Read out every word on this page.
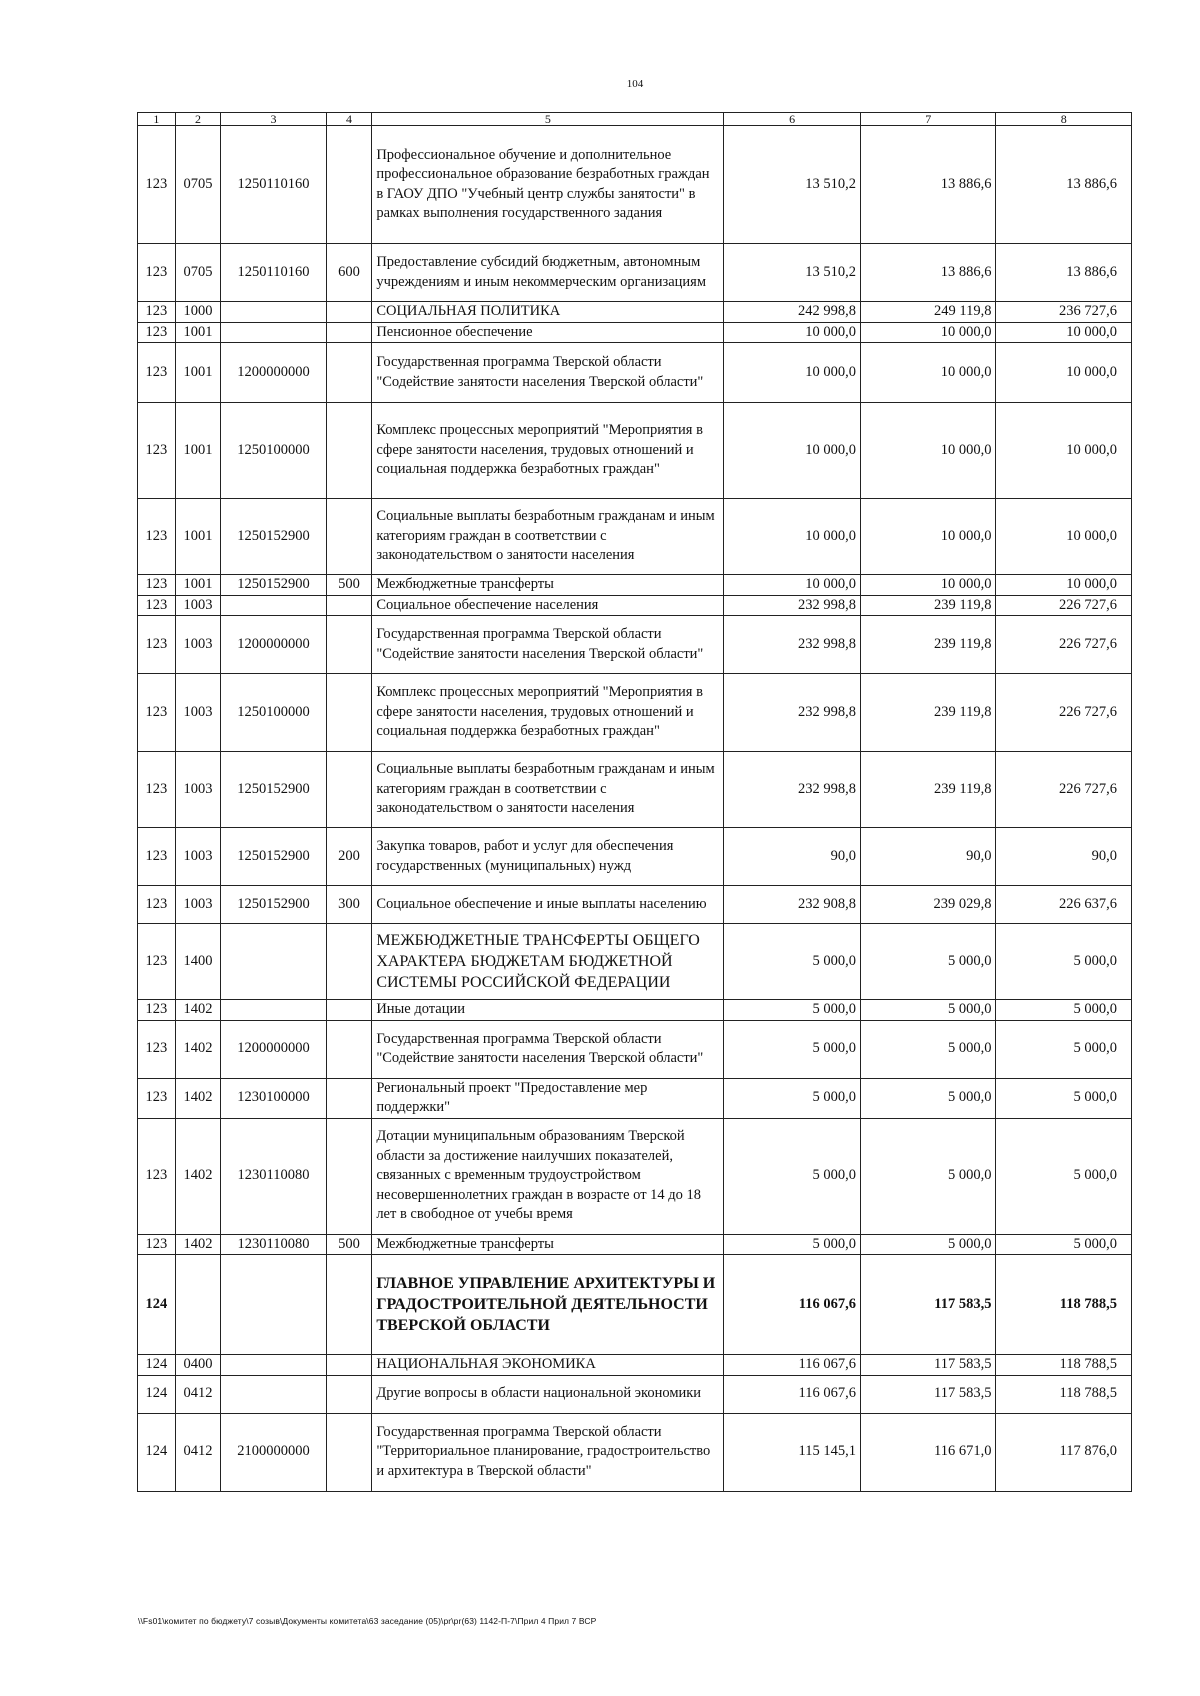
104
1	2	3	4	5	6	7	8
123	0705	1250110160		Профессиональное обучение и дополнительное профессиональное образование безработных граждан в ГАОУ ДПО "Учебный центр службы занятости" в рамках выполнения государственного задания	13 510,2	13 886,6	13 886,6
123	0705	1250110160	600	Предоставление субсидий бюджетным, автономным учреждениям и иным некоммерческим организациям	13 510,2	13 886,6	13 886,6
123	1000			СОЦИАЛЬНАЯ ПОЛИТИКА	242 998,8	249 119,8	236 727,6
123	1001			Пенсионное обеспечение	10 000,0	10 000,0	10 000,0
123	1001	1200000000		Государственная программа Тверской области "Содействие занятости населения Тверской области"	10 000,0	10 000,0	10 000,0
123	1001	1250100000		Комплекс процессных мероприятий "Мероприятия в сфере занятости населения, трудовых отношений и социальная поддержка безработных граждан"	10 000,0	10 000,0	10 000,0
123	1001	1250152900		Социальные выплаты безработным гражданам и иным категориям граждан в соответствии с законодательством о занятости населения	10 000,0	10 000,0	10 000,0
123	1001	1250152900	500	Межбюджетные трансферты	10 000,0	10 000,0	10 000,0
123	1003			Социальное обеспечение населения	232 998,8	239 119,8	226 727,6
123	1003	1200000000		Государственная программа Тверской области "Содействие занятости населения Тверской области"	232 998,8	239 119,8	226 727,6
123	1003	1250100000		Комплекс процессных мероприятий "Мероприятия в сфере занятости населения, трудовых отношений и социальная поддержка безработных граждан"	232 998,8	239 119,8	226 727,6
123	1003	1250152900		Социальные выплаты безработным гражданам и иным категориям граждан в соответствии с законодательством о занятости населения	232 998,8	239 119,8	226 727,6
123	1003	1250152900	200	Закупка товаров, работ и услуг для обеспечения государственных (муниципальных) нужд	90,0	90,0	90,0
123	1003	1250152900	300	Социальное обеспечение и иные выплаты населению	232 908,8	239 029,8	226 637,6
123	1400			МЕЖБЮДЖЕТНЫЕ ТРАНСФЕРТЫ ОБЩЕГО ХАРАКТЕРА БЮДЖЕТАМ БЮДЖЕТНОЙ СИСТЕМЫ РОССИЙСКОЙ ФЕДЕРАЦИИ	5 000,0	5 000,0	5 000,0
123	1402			Иные дотации	5 000,0	5 000,0	5 000,0
123	1402	1200000000		Государственная программа Тверской области "Содействие занятости населения Тверской области"	5 000,0	5 000,0	5 000,0
123	1402	1230100000		Региональный проект "Предоставление мер поддержки"	5 000,0	5 000,0	5 000,0
123	1402	1230110080		Дотации муниципальным образованиям Тверской области за достижение наилучших показателей, связанных с временным трудоустройством несовершеннолетних граждан в возрасте от 14 до 18 лет в свободное от учебы время	5 000,0	5 000,0	5 000,0
123	1402	1230110080	500	Межбюджетные трансферты	5 000,0	5 000,0	5 000,0
124				ГЛАВНОЕ УПРАВЛЕНИЕ АРХИТЕКТУРЫ И ГРАДОСТРОИТЕЛЬНОЙ ДЕЯТЕЛЬНОСТИ ТВЕРСКОЙ ОБЛАСТИ	116 067,6	117 583,5	118 788,5
124	0400			НАЦИОНАЛЬНАЯ ЭКОНОМИКА	116 067,6	117 583,5	118 788,5
124	0412			Другие вопросы в области национальной экономики	116 067,6	117 583,5	118 788,5
124	0412	2100000000		Государственная программа Тверской области "Территориальное планирование, градостроительство и архитектура в Тверской области"	115 145,1	116 671,0	117 876,0
\\Fs01\комитет по бюджету\7 созыв\Документы комитета\63 заседание (05)\pr\pr(63) 1142-П-7\Прил 4 Прил 7 ВСР
